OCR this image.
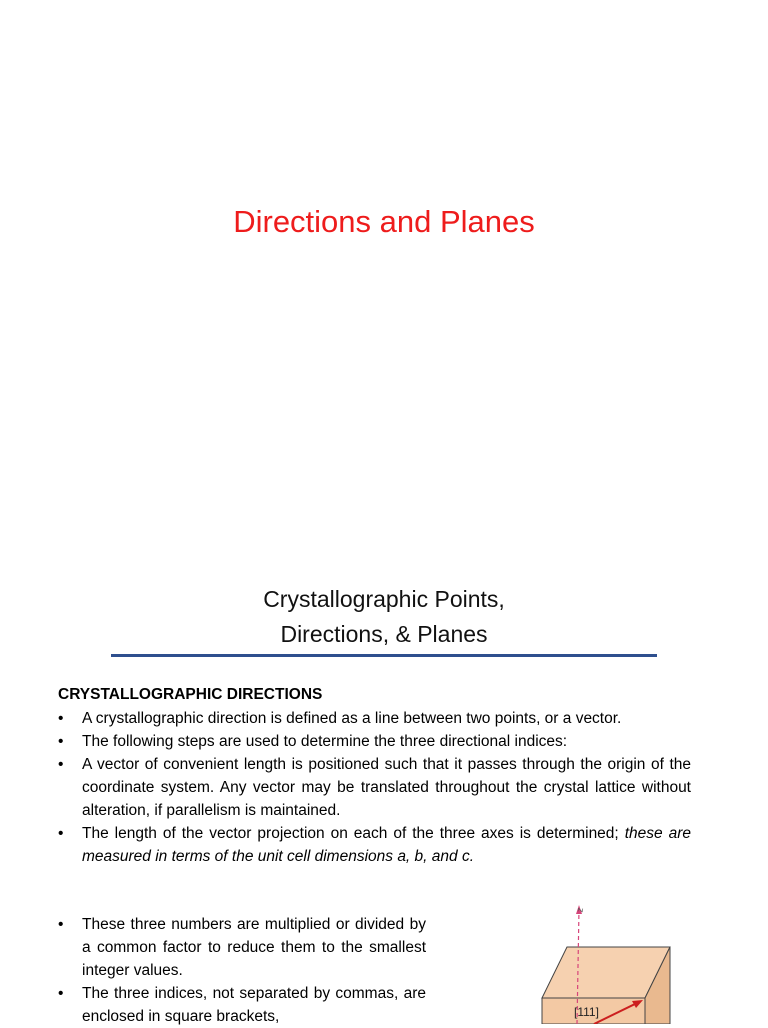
Directions and Planes
Crystallographic Points,
Directions, & Planes
CRYSTALLOGRAPHIC DIRECTIONS
• A crystallographic direction is defined as a line between two points, or a vector.
• The following steps are used to determine the three directional indices:
• A vector of convenient length is positioned such that it passes through the origin of the coordinate system. Any vector may be translated throughout the crystal lattice without alteration, if parallelism is maintained.
• The length of the vector projection on each of the three axes is determined; these are measured in terms of the unit cell dimensions a, b, and c.
• These three numbers are multiplied or divided by a common factor to reduce them to the smallest integer values.
• The three indices, not separated by commas, are enclosed in square brackets,
z
[111]
